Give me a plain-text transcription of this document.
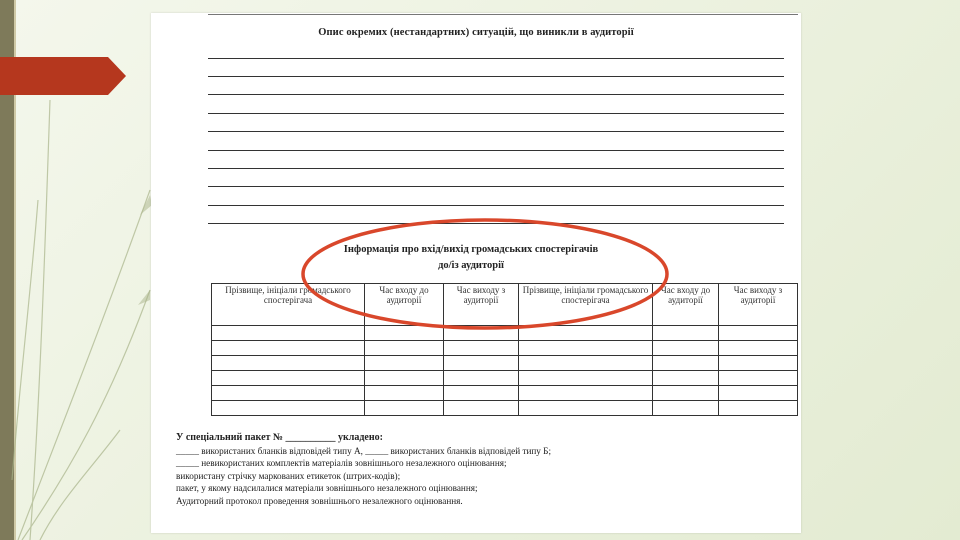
Опис окремих (нестандартних) ситуацій, що виникли в аудиторії
Інформація про вхід/вихід громадських спостерігачів
до/із аудиторії
Прізвище, ініціали громадського спостерігача	Час входу до аудиторії	Час виходу з аудиторії	Прізвище, ініціали громадського спостерігача	Час входу до аудиторії	Час виходу з аудиторії

У спеціальний пакет № __________ укладено:
_____ використаних бланків відповідей типу А, _____ використаних бланків відповідей типу Б;
_____ невикористаних комплектів матеріалів зовнішнього незалежного оцінювання;
використану стрічку маркованих етикеток (штрих-кодів);
пакет, у якому надсилалися матеріали зовнішнього незалежного оцінювання;
Аудиторний протокол проведення зовнішнього незалежного оцінювання.
